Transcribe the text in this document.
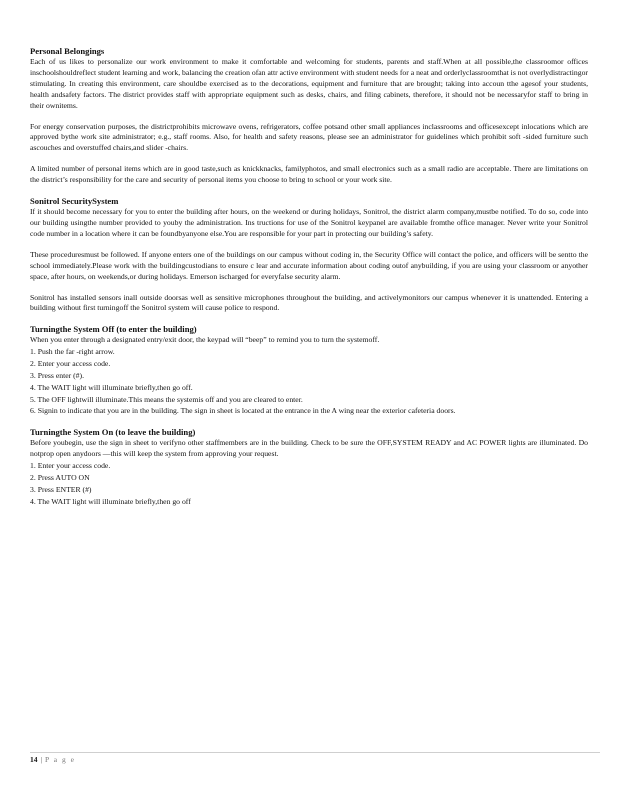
Personal Belongings

Each of us likes to personalize our work environment to make it comfortable and welcoming for students, parents and staff.When at all possible,the classroomor offices inschoolshouldreflect student learning and work, balancing the creation ofan attr active environment with student needs for a neat and orderlyclassroomthat is not overlydistractingor stimulating. In creating this environment, care shouldbe exercised as to the decorations, equipment and furniture that are brought; taking into accoun tthe agesof your students, health andsafety factors. The district provides staff with appropriate equipment such as desks, chairs, and filing cabinets, therefore, it should not be necessaryfor staff to bring in their ownitems.

For energy conservation purposes, the districtprohibits microwave ovens, refrigerators, coffee potsand other small appliances inclassrooms and officesexcept inlocations which are approved bythe work site administrator; e.g., staff rooms. Also, for health and safety reasons, please see an administrator for guidelines which prohibit soft -sided furniture such ascouches and overstuffed chairs,and slider -chairs.

A limited number of personal items which are in good taste,such as knickknacks, familyphotos, and small electronics such as a small radio are acceptable. There are limitations on the district’s responsibility for the care and security of personal items you choose to bring to school or your work site.

Sonitrol SecuritySystem

If it should become necessary for you to enter the building after hours, on the weekend or during holidays, Sonitrol, the district alarm company,mustbe notified. To do so, code into our building usingthe number provided to youby the administration. Ins tructions for use of the Sonitrol keypanel are available fromthe office manager. Never write your Sonitrol code number in a location where it can be foundbyanyone else.You are responsible for your part in protecting our building’s safety.

These proceduresmust be followed. If anyone enters one of the buildings on our campus without coding in, the Security Office will contact the police, and officers will be sentto the school immediately.Please work with the buildingcustodians to ensure c lear and accurate information about coding outof anybuilding, if you are using your classroom or anyother space, after hours, on weekends,or during holidays. Emerson ischarged for everyfalse security alarm.

Sonitrol has installed sensors inall outside doorsas well as sensitive microphones throughout the building, and activelymonitors our campus whenever it is unattended. Entering a building without first turningoff the Sonitrol system will cause police to respond.

Turningthe System Off (to enter the building)

When you enter through a designated entry/exit door, the keypad will “beep” to remind you to turn the systemoff.

1. Push the far -right arrow.
2. Enter your access code.
3. Press enter (#).
4. The WAIT light will illuminate briefly,then go off.
5. The OFF lightwill illuminate.This means the systemis off and you are cleared to enter.
6. Signin to indicate that you are in the building. The sign in sheet is located at the entrance in the A wing near the exterior cafeteria doors.
Turningthe System On (to leave the building)

Before youbegin, use the sign in sheet to verifyno other staffmembers are in the building. Check to be sure the OFF,SYSTEM READY and AC POWER lights are illuminated. Do notprop open anydoors —this will keep the system from approving your request.

1. Enter your access code.
2. Press AUTO ON
3. Press ENTER (#)
4. The WAIT light will illuminate briefly,then go off
14 | P a g e
